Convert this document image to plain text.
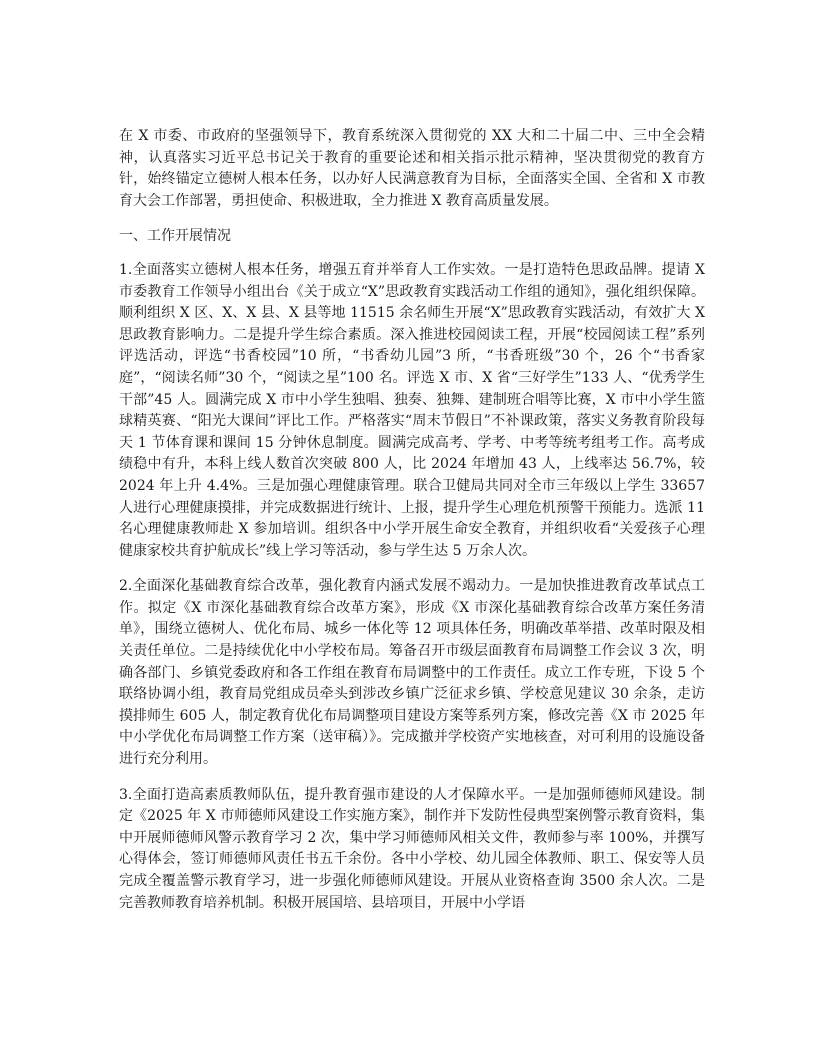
在 X 市委、市政府的坚强领导下，教育系统深入贯彻党的 XX 大和二十届二中、三中全会精神，认真落实习近平总书记关于教育的重要论述和相关指示批示精神，坚决贯彻党的教育方针，始终锚定立德树人根本任务，以办好人民满意教育为目标，全面落实全国、全省和 X 市教育大会工作部署，勇担使命、积极进取，全力推进 X 教育高质量发展。

一、工作开展情况

1.全面落实立德树人根本任务，增强五育并举育人工作实效。一是打造特色思政品牌。提请 X 市委教育工作领导小组出台《关于成立“X”思政教育实践活动工作组的通知》，强化组织保障。顺利组织 X 区、X、X 县、X 县等地 11515 余名师生开展“X”思政教育实践活动，有效扩大 X 思政教育影响力。二是提升学生综合素质。深入推进校园阅读工程，开展“校园阅读工程”系列评选活动，评选“书香校园”10 所，“书香幼儿园”3 所，“书香班级”30 个，26 个“书香家庭”，“阅读名师”30 个，“阅读之星”100 名。评选 X 市、X 省“三好学生”133 人、“优秀学生干部”45 人。圆满完成 X 市中小学生独唱、独奏、独舞、建制班合唱等比赛，X 市中小学生篮球精英赛、“阳光大课间”评比工作。严格落实“周末节假日”不补课政策，落实义务教育阶段每天 1 节体育课和课间 15 分钟休息制度。圆满完成高考、学考、中考等统考组考工作。高考成绩稳中有升，本科上线人数首次突破 800 人，比 2024 年增加 43 人，上线率达 56.7%，较 2024 年上升 4.4%。三是加强心理健康管理。联合卫健局共同对全市三年级以上学生 33657 人进行心理健康摸排，并完成数据进行统计、上报，提升学生心理危机预警干预能力。选派 11 名心理健康教师赴 X 参加培训。组织各中小学开展生命安全教育，并组织收看“关爱孩子心理健康家校共育护航成长”线上学习等活动，参与学生达 5 万余人次。

2.全面深化基础教育综合改革，强化教育内涵式发展不竭动力。一是加快推进教育改革试点工作。拟定《X 市深化基础教育综合改革方案》，形成《X 市深化基础教育综合改革方案任务清单》，围绕立德树人、优化布局、城乡一体化等 12 项具体任务，明确改革举措、改革时限及相关责任单位。二是持续优化中小学校布局。筹备召开市级层面教育布局调整工作会议 3 次，明确各部门、乡镇党委政府和各工作组在教育布局调整中的工作责任。成立工作专班，下设 5 个联络协调小组，教育局党组成员牵头到涉改乡镇广泛征求乡镇、学校意见建议 30 余条，走访摸排师生 605 人，制定教育优化布局调整项目建设方案等系列方案，修改完善《X 市 2025 年中小学优化布局调整工作方案（送审稿）》。完成撤并学校资产实地核查，对可利用的设施设备进行充分利用。

3.全面打造高素质教师队伍，提升教育强市建设的人才保障水平。一是加强师德师风建设。制定《2025 年 X 市师德师风建设工作实施方案》，制作并下发防性侵典型案例警示教育资料，集中开展师德师风警示教育学习 2 次，集中学习师德师风相关文件，教师参与率 100%，并撰写心得体会，签订师德师风责任书五千余份。各中小学校、幼儿园全体教师、职工、保安等人员完成全覆盖警示教育学习，进一步强化师德师风建设。开展从业资格查询 3500 余人次。二是完善教师教育培养机制。积极开展国培、县培项目，开展中小学语
